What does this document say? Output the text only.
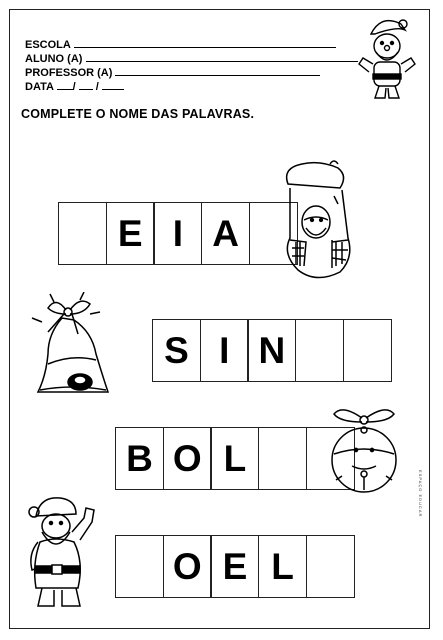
ESCOLA
ALUNO (A)
PROFESSOR (A)
DATA / /
COMPLETE O NOME DAS PALAVRAS.
E I A
S I N
B O L
O E L
ESPAÇO EDUCAR
